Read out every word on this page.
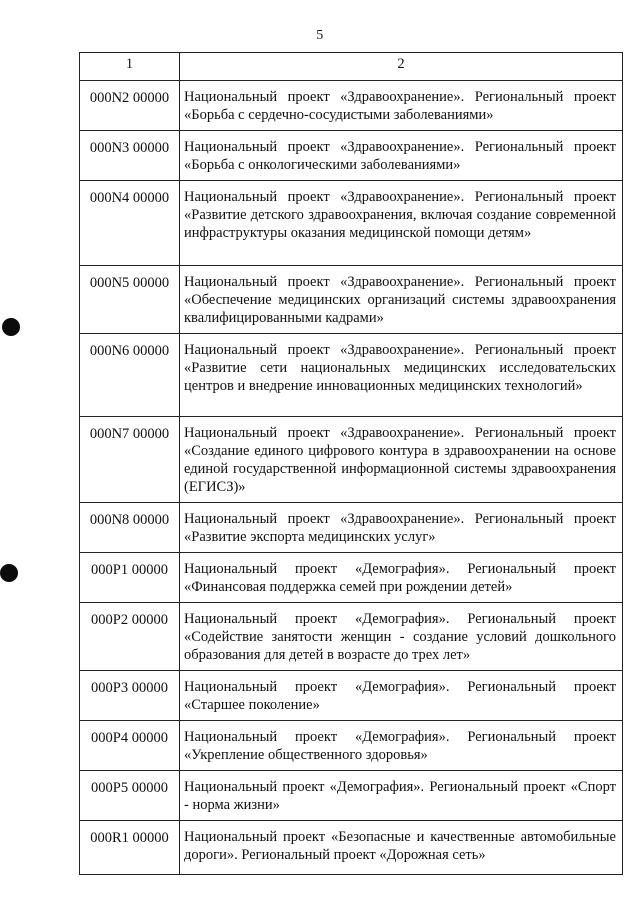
5
1	2
000N2 00000	Национальный проект «Здравоохранение». Региональный проект «Борьба с сердечно-сосудистыми заболеваниями»
000N3 00000	Национальный проект «Здравоохранение». Региональный проект «Борьба с онкологическими заболеваниями»
000N4 00000	Национальный проект «Здравоохранение». Региональный проект «Развитие детского здравоохранения, включая создание современной инфраструктуры оказания медицинской помощи детям»
000N5 00000	Национальный проект «Здравоохранение». Региональный проект «Обеспечение медицинских организаций системы здравоохранения квалифицированными кадрами»
000N6 00000	Национальный проект «Здравоохранение». Региональный проект «Развитие сети национальных медицинских исследовательских центров и внедрение инновационных медицинских технологий»
000N7 00000	Национальный проект «Здравоохранение». Региональный проект «Создание единого цифрового контура в здравоохранении на основе единой государственной информационной системы здравоохранения (ЕГИСЗ)»
000N8 00000	Национальный проект «Здравоохранение». Региональный проект «Развитие экспорта медицинских услуг»
000P1 00000	Национальный проект «Демография». Региональный проект «Финансовая поддержка семей при рождении детей»
000P2 00000	Национальный проект «Демография». Региональный проект «Содействие занятости женщин - создание условий дошкольного образования для детей в возрасте до трех лет»
000P3 00000	Национальный проект «Демография». Региональный проект «Старшее поколение»
000P4 00000	Национальный проект «Демография». Региональный проект «Укрепление общественного здоровья»
000P5 00000	Национальный проект «Демография». Региональный проект «Спорт - норма жизни»
000R1 00000	Национальный проект «Безопасные и качественные автомобильные дороги». Региональный проект «Дорожная сеть»
